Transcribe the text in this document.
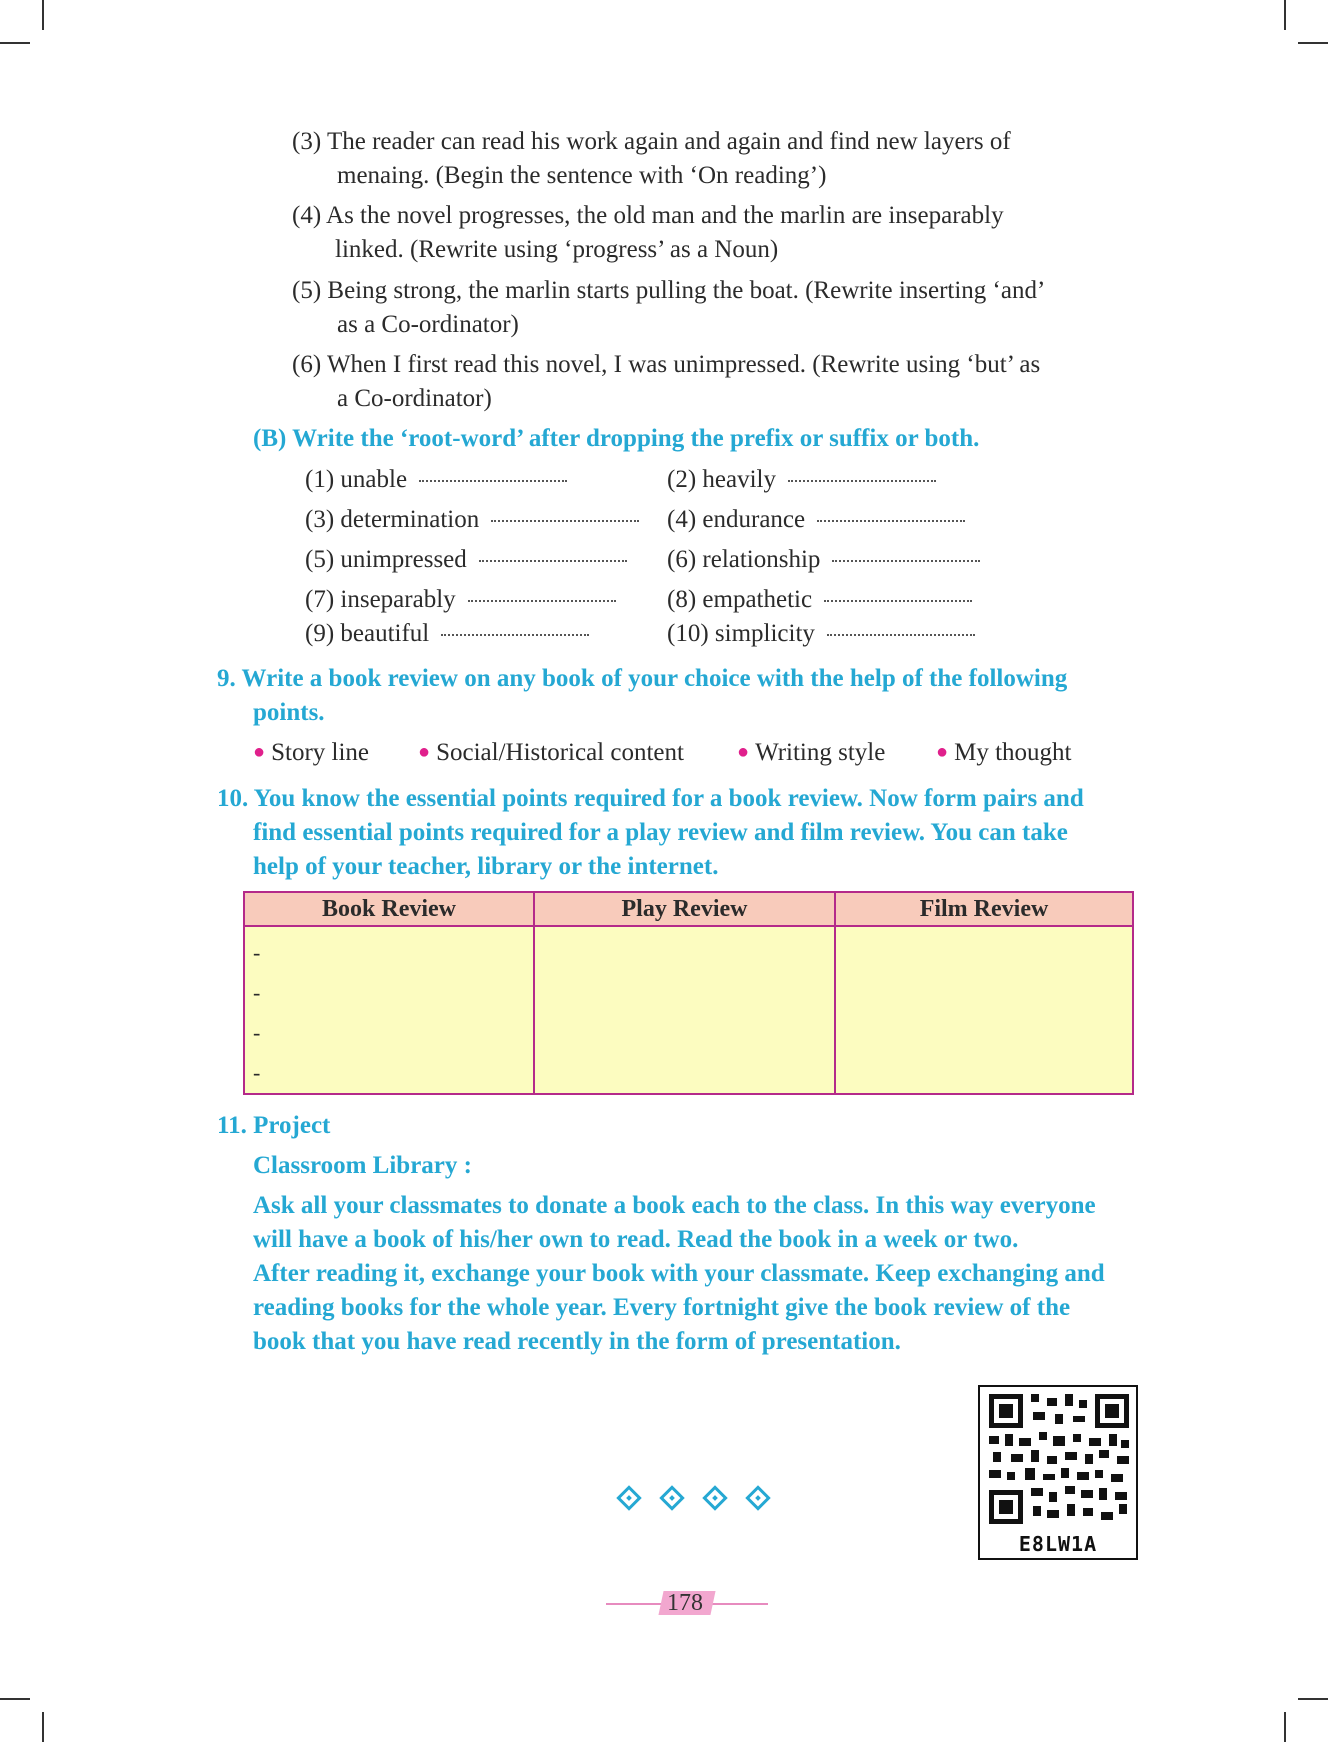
(3) The reader can read his work again and again and find new layers of
menaing. (Begin the sentence with ‘On reading’)
(4) As the novel progresses, the old man and the marlin are inseparably
linked. (Rewrite using ‘progress’ as a Noun)
(5) Being strong, the marlin starts pulling the boat. (Rewrite inserting ‘and’
as a Co-ordinator)
(6) When I first read this novel, I was unimpressed. (Rewrite using ‘but’ as
a Co-ordinator)
(B) Write the ‘root-word’ after dropping the prefix or suffix or both.
(1) unable	(2) heavily
(3) determination	(4) endurance
(5) unimpressed	(6) relationship
(7) inseparably	(8) empathetic
(9) beautiful	(10) simplicity
9. Write a book review on any book of your choice with the help of the following
points.
● Story line ● Social/Historical content	● Writing style	● My thought
10. You know the essential points required for a book review. Now form pairs and
find essential points required for a play review and film review. You can take
help of your teacher, library or the internet.
Book Review	Play Review	Film Review

-
-
-
-		

11. Project
Classroom Library :
Ask all your classmates to donate a book each to the class. In this way everyone
will have a book of his/her own to read. Read the book in a week or two.
After reading it, exchange your book with your classmate. Keep exchanging and
reading books for the whole year. Every fortnight give the book review of the
book that you have read recently in the form of presentation.
E8LW1A
178
